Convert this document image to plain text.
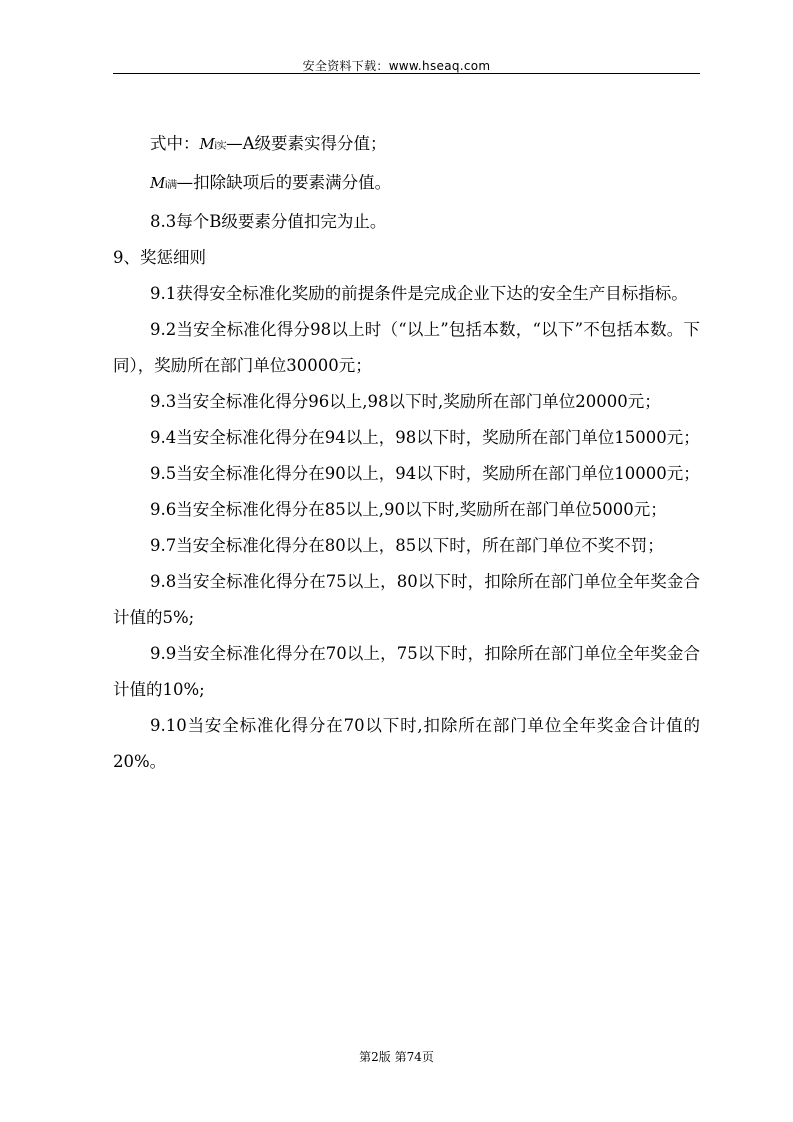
安全资料下载：www.hseaq.com

式中：Mi实—A级要素实得分值；

Mi满—扣除缺项后的要素满分值。

8.3每个B级要素分值扣完为止。

9、奖惩细则

9.1获得安全标准化奖励的前提条件是完成企业下达的安全生产目标指标。

9.2当安全标准化得分98以上时（“以上”包括本数，“以下”不包括本数。下同），奖励所在部门单位30000元；

9.3当安全标准化得分96以上,98以下时,奖励所在部门单位20000元；

9.4当安全标准化得分在94以上，98以下时，奖励所在部门单位15000元；

9.5当安全标准化得分在90以上，94以下时，奖励所在部门单位10000元；

9.6当安全标准化得分在85以上,90以下时,奖励所在部门单位5000元；

9.7当安全标准化得分在80以上，85以下时，所在部门单位不奖不罚；

9.8当安全标准化得分在75以上，80以下时，扣除所在部门单位全年奖金合计值的5%;

9.9当安全标准化得分在70以上，75以下时，扣除所在部门单位全年奖金合计值的10%;

9.10当安全标准化得分在70以下时,扣除所在部门单位全年奖金合计值的20%。

第2版 第74页
